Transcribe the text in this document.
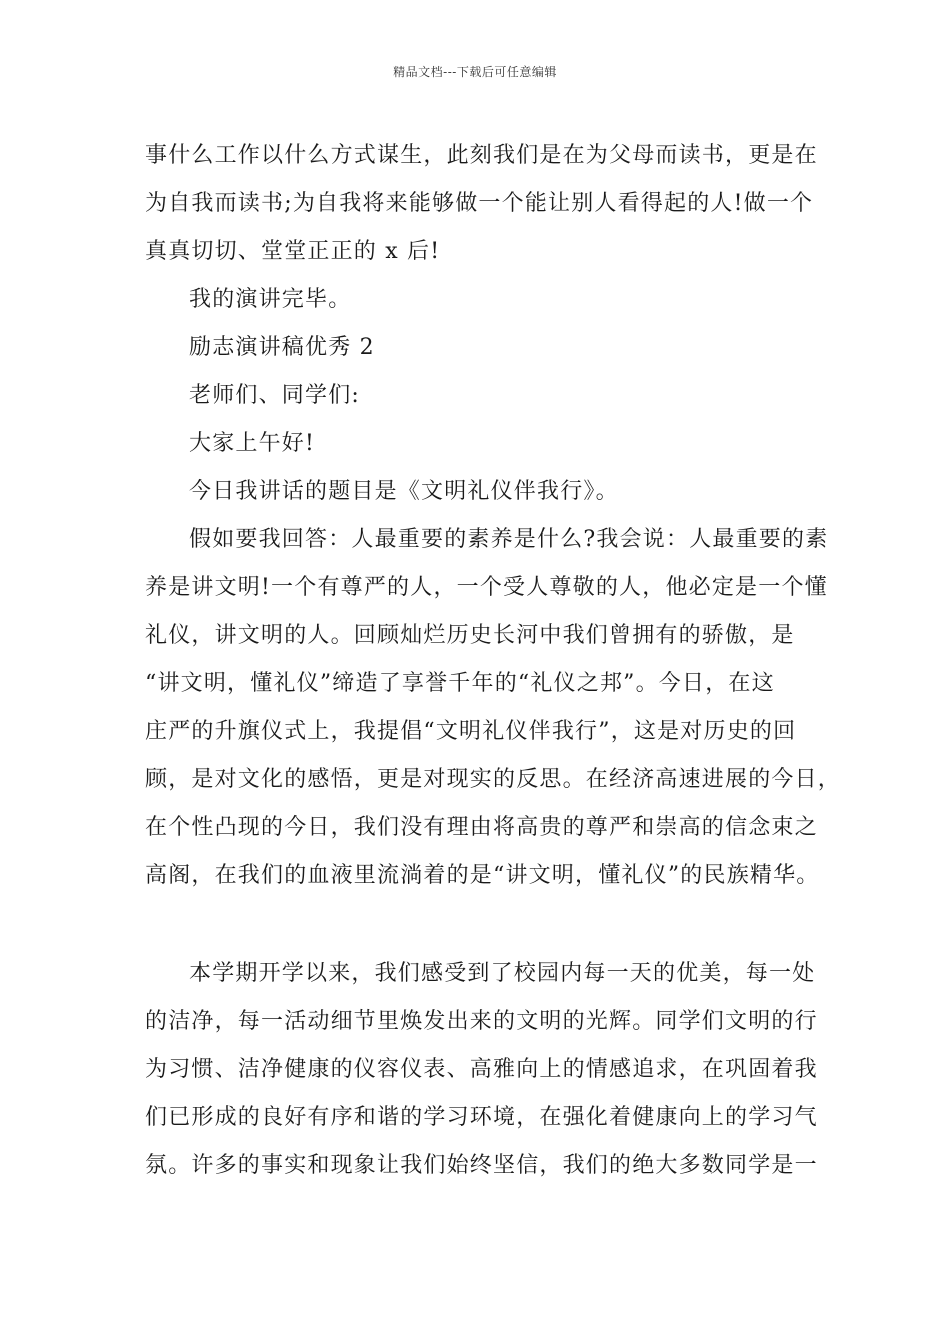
精品文档---下载后可任意编辑
事什么工作以什么方式谋生，此刻我们是在为父母而读书，更是在
为自我而读书;为自我将来能够做一个能让别人看得起的人!做一个
真真切切、堂堂正正的 x 后!
我的演讲完毕。
励志演讲稿优秀 2
老师们、同学们:
大家上午好!
今日我讲话的题目是《文明礼仪伴我行》。
假如要我回答：人最重要的素养是什么?我会说：人最重要的素
养是讲文明!一个有尊严的人，一个受人尊敬的人，他必定是一个懂
礼仪，讲文明的人。回顾灿烂历史长河中我们曾拥有的骄傲，是
“讲文明，懂礼仪”缔造了享誉千年的“礼仪之邦”。今日，在这
庄严的升旗仪式上，我提倡“文明礼仪伴我行”，这是对历史的回
顾，是对文化的感悟，更是对现实的反思。在经济高速进展的今日，
在个性凸现的今日，我们没有理由将高贵的尊严和崇高的信念束之
高阁，在我们的血液里流淌着的是“讲文明，懂礼仪”的民族精华。
本学期开学以来，我们感受到了校园内每一天的优美，每一处
的洁净，每一活动细节里焕发出来的文明的光辉。同学们文明的行
为习惯、洁净健康的仪容仪表、高雅向上的情感追求，在巩固着我
们已形成的良好有序和谐的学习环境，在强化着健康向上的学习气
氛。许多的事实和现象让我们始终坚信，我们的绝大多数同学是一
